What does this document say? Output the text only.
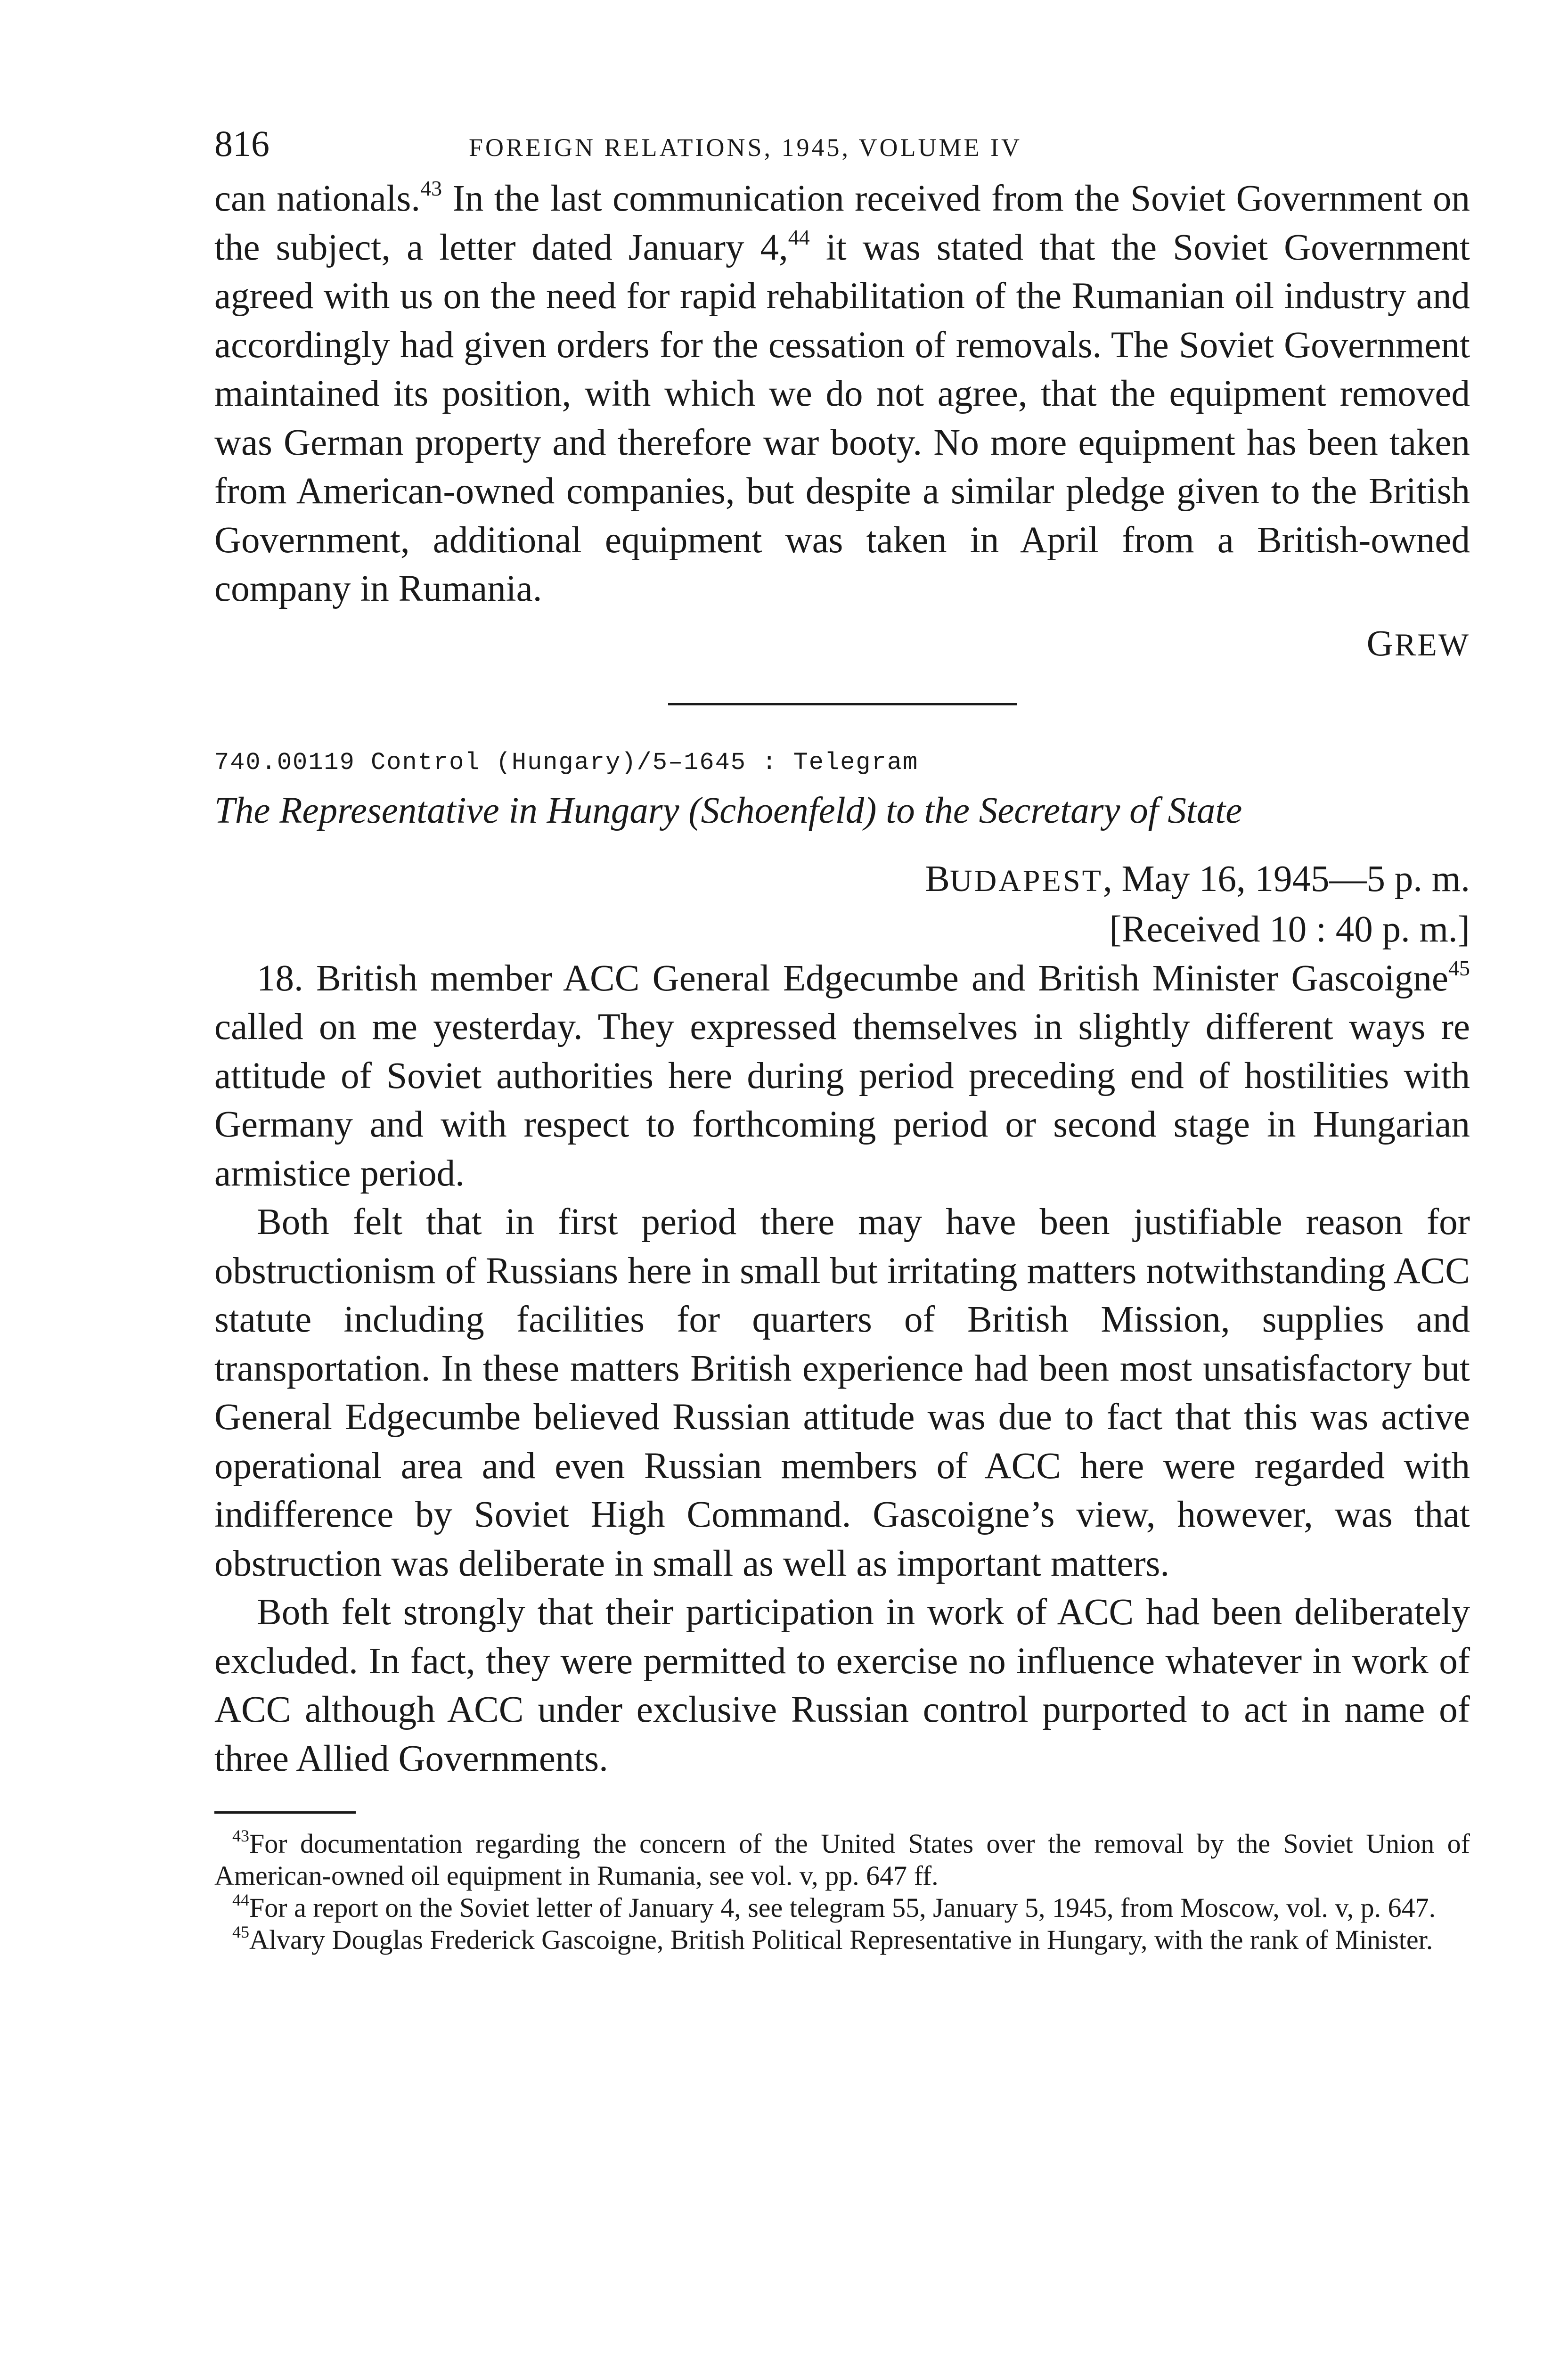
816	FOREIGN RELATIONS, 1945, VOLUME IV

can nationals.$^{43}$ In the last communication received from the Soviet Government on the subject, a letter dated January 4,44 it was stated that the Soviet Government agreed with us on the need for rapid rehabilitation of the Rumanian oil industry and accordingly had given orders for the cessation of removals. The Soviet Government maintained its position, with which we do not agree, that the equipment removed was German property and therefore war booty. No more equipment has been taken from American-owned companies, but despite a similar pledge given to the British Government, additional equipment was taken in April from a British-owned company in Rumania.

GREW
740.00119 Control (Hungary)/5–1645 : Telegram
The Representative in Hungary (Schoenfeld) to the Secretary of State
BUDAPEST, May 16, 1945—5 p. m.
[Received 10 : 40 p. m.]

18. British member ACC General Edgecumbe and British Minister Gascoigne$^{45}$ called on me yesterday. They expressed themselves in slightly different ways re attitude of Soviet authorities here during period preceding end of hostilities with Germany and with respect to forthcoming period or second stage in Hungarian armistice period.

Both felt that in first period there may have been justifiable reason for obstructionism of Russians here in small but irritating matters notwithstanding ACC statute including facilities for quarters of British Mission, supplies and transportation. In these matters British experience had been most unsatisfactory but General Edgecumbe believed Russian attitude was due to fact that this was active operational area and even Russian members of ACC here were regarded with indifference by Soviet High Command. Gascoigne’s view, however, was that obstruction was deliberate in small as well as important matters.

Both felt strongly that their participation in work of ACC had been deliberately excluded. In fact, they were permitted to exercise no influence whatever in work of ACC although ACC under exclusive Russian control purported to act in name of three Allied Governments.

$^{43}$For documentation regarding the concern of the United States over the removal by the Soviet Union of American-owned oil equipment in Rumania, see vol. v, pp. 647 ff.

$^{44}$For a report on the Soviet letter of January 4, see telegram 55, January 5, 1945, from Moscow, vol. v, p. 647.

$^{45}$Alvary Douglas Frederick Gascoigne, British Political Representative in Hungary, with the rank of Minister.
